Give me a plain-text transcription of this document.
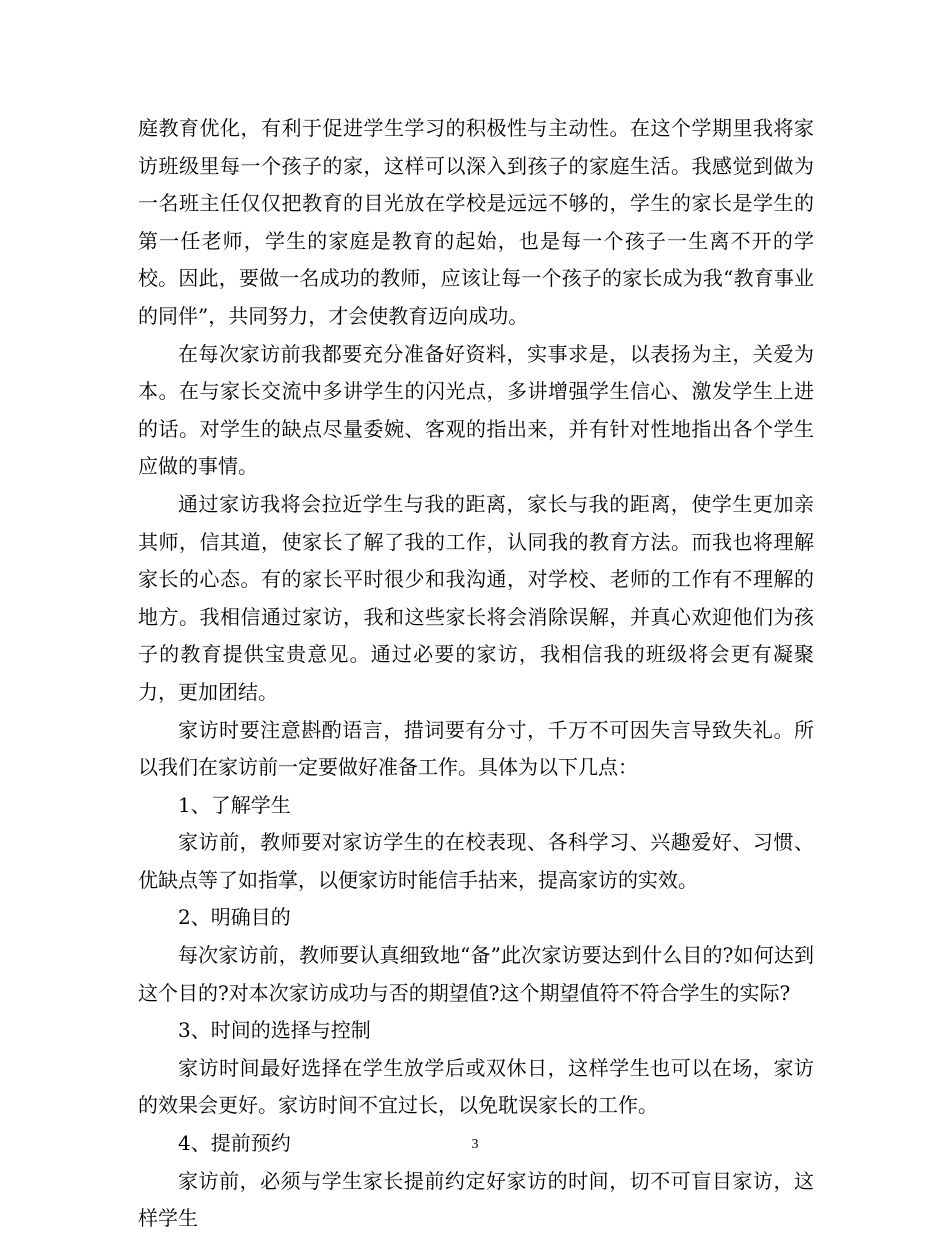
庭教育优化，有利于促进学生学习的积极性与主动性。在这个学期里我将家访班级里每一个孩子的家，这样可以深入到孩子的家庭生活。我感觉到做为一名班主任仅仅把教育的目光放在学校是远远不够的，学生的家长是学生的第一任老师，学生的家庭是教育的起始，也是每一个孩子一生离不开的学校。因此，要做一名成功的教师，应该让每一个孩子的家长成为我“教育事业的同伴”，共同努力，才会使教育迈向成功。

在每次家访前我都要充分准备好资料，实事求是，以表扬为主，关爱为本。在与家长交流中多讲学生的闪光点，多讲增强学生信心、激发学生上进的话。对学生的缺点尽量委婉、客观的指出来，并有针对性地指出各个学生应做的事情。

通过家访我将会拉近学生与我的距离，家长与我的距离，使学生更加亲其师，信其道，使家长了解了我的工作，认同我的教育方法。而我也将理解家长的心态。有的家长平时很少和我沟通，对学校、老师的工作有不理解的地方。我相信通过家访，我和这些家长将会消除误解，并真心欢迎他们为孩子的教育提供宝贵意见。通过必要的家访，我相信我的班级将会更有凝聚力，更加团结。

家访时要注意斟酌语言，措词要有分寸，千万不可因失言导致失礼。所以我们在家访前一定要做好准备工作。具体为以下几点：

1、了解学生

家访前，教师要对家访学生的在校表现、各科学习、兴趣爱好、习惯、优缺点等了如指掌，以便家访时能信手拈来，提高家访的实效。

2、明确目的

每次家访前，教师要认真细致地“备”此次家访要达到什么目的?如何达到这个目的?对本次家访成功与否的期望值?这个期望值符不符合学生的实际?

3、时间的选择与控制

家访时间最好选择在学生放学后或双休日，这样学生也可以在场，家访的效果会更好。家访时间不宜过长，以免耽误家长的工作。

4、提前预约

家访前，必须与学生家长提前约定好家访的时间，切不可盲目家访，这样学生

3
